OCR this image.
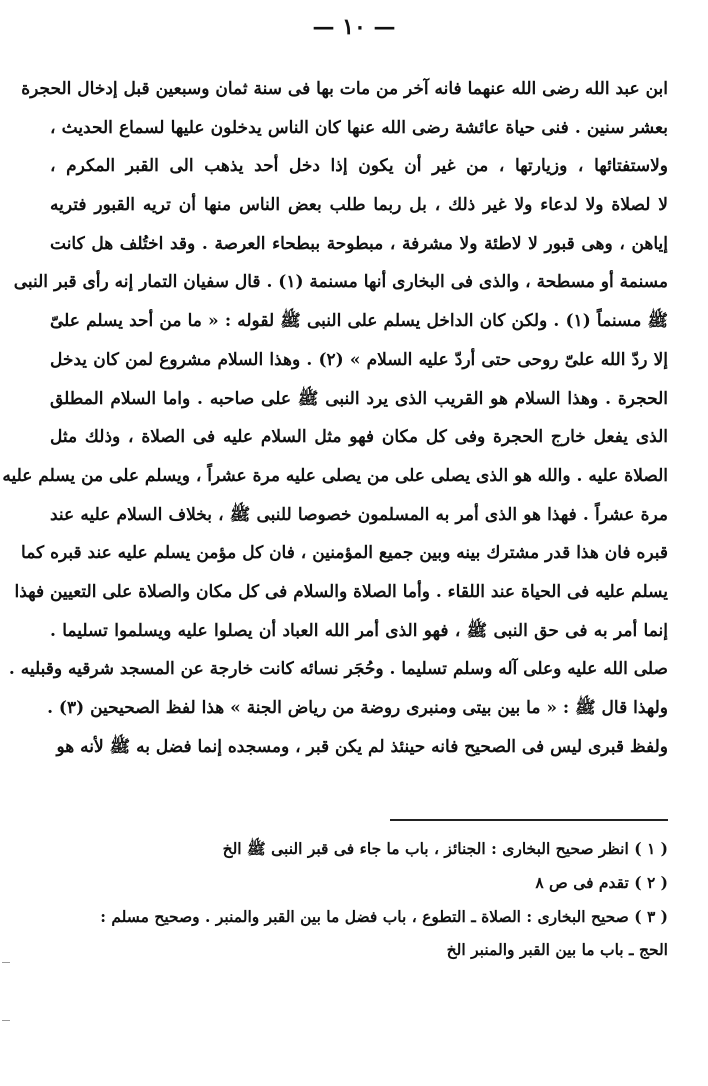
— ١٠ —
ابن عبد الله رضى الله عنهما فانه آخر من مات بها فى سنة ثمان وسبعين قبل إدخال الحجرة
بعشر سنين . فنى حياة عائشة رضى الله عنها كان الناس يدخلون عليها لسماع الحديث ،
ولاستفتائها ، وزيارتها ، من غير أن يكون إذا دخل أحد يذهب الى القبر المكرم ،
لا لصلاة ولا لدعاء ولا غير ذلك ، بل ربما طلب بعض الناس منها أن تريه القبور فتريه
إياهن ، وهى قبور لا لاطئة ولا مشرفة ، مبطوحة ببطحاء العرصة . وقد اختُلف هل كانت
مسنمة أو مسطحة ، والذى فى البخارى أنها مسنمة (١) . قال سفيان التمار إنه رأى قبر النبى
ﷺ مسنماً (١) . ولكن كان الداخل يسلم على النبى ﷺ لقوله : « ما من أحد يسلم علىّ
إلا ردّ الله علىّ روحى حتى أردّ عليه السلام » (٢) . وهذا السلام مشروع لمن كان يدخل
الحجرة . وهذا السلام هو القريب الذى يرد النبى ﷺ على صاحبه . واما السلام المطلق
الذى يفعل خارج الحجرة وفى كل مكان فهو مثل السلام عليه فى الصلاة ، وذلك مثل
الصلاة عليه . والله هو الذى يصلى على من يصلى عليه مرة عشراً ، ويسلم على من يسلم عليه
مرة عشراً . فهذا هو الذى أمر به المسلمون خصوصا للنبى ﷺ ، بخلاف السلام عليه عند
قبره فان هذا قدر مشترك بينه وبين جميع المؤمنين ، فان كل مؤمن يسلم عليه عند قبره كما
يسلم عليه فى الحياة عند اللقاء . وأما الصلاة والسلام فى كل مكان والصلاة على التعيين فهذا
إنما أمر به فى حق النبى ﷺ ، فهو الذى أمر الله العباد أن يصلوا عليه ويسلموا تسليما .
صلى الله عليه وعلى آله وسلم تسليما . وحُجَر نسائه كانت خارجة عن المسجد شرقيه وقبليه .
ولهذا قال ﷺ : « ما بين بيتى ومنبرى روضة من رياض الجنة » هذا لفظ الصحيحين (٣) .
ولفظ قبرى ليس فى الصحيح فانه حينئذ لم يكن قبر ، ومسجده إنما فضل به ﷺ لأنه هو
( ١ ) انظر صحيح البخارى : الجنائز ، باب ما جاء فى قبر النبى ﷺ الخ
( ٢ ) تقدم فى ص ٨
( ٣ ) صحيح البخارى : الصلاة ـ التطوع ، باب فضل ما بين القبر والمنبر . وصحيح مسلم :
الحج ـ باب ما بين القبر والمنبر الخ
